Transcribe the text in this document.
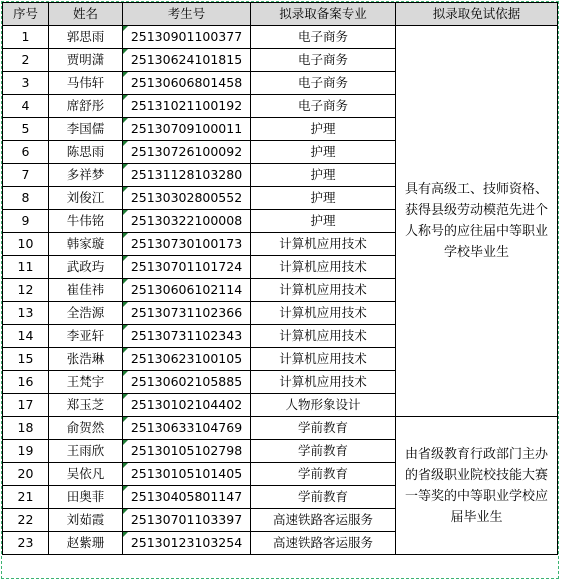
序号	姓名	考生号	拟录取备案专业	拟录取免试依据
1	郭思雨	25130901100377	电子商务	具有高级工、技师资格、获得县级劳动模范先进个人称号的应往届中等职业学校毕业生
2	贾明潇	25130624101815	电子商务	
3	马伟轩	25130606801458	电子商务	
4	席舒彤	25131021100192	电子商务	
5	李国儒	25130709100011	护理	
6	陈思雨	25130726100092	护理	
7	多祥梦	25131128103280	护理	
8	刘俊江	25130302800552	护理	
9	牛伟铭	25130322100008	护理	
10	韩家璇	25130730100173	计算机应用技术	
11	武政玙	25130701101724	计算机应用技术	
12	崔佳祎	25130606102114	计算机应用技术	
13	全浩源	25130731102366	计算机应用技术	
14	李亚轩	25130731102343	计算机应用技术	
15	张浩琳	25130623100105	计算机应用技术	
16	王梵宇	25130602105885	计算机应用技术	
17	郑玉芝	25130102104402	人物形象设计	
18	俞贺然	25130633104769	学前教育	由省级教育行政部门主办的省级职业院校技能大赛一等奖的中等职业学校应届毕业生
19	王雨欣	25130105102798	学前教育	
20	吴依凡	25130105101405	学前教育	
21	田奥菲	25130405801147	学前教育	
22	刘茹霞	25130701103397	高速铁路客运服务	
23	赵紫珊	25130123103254	高速铁路客运服务	
